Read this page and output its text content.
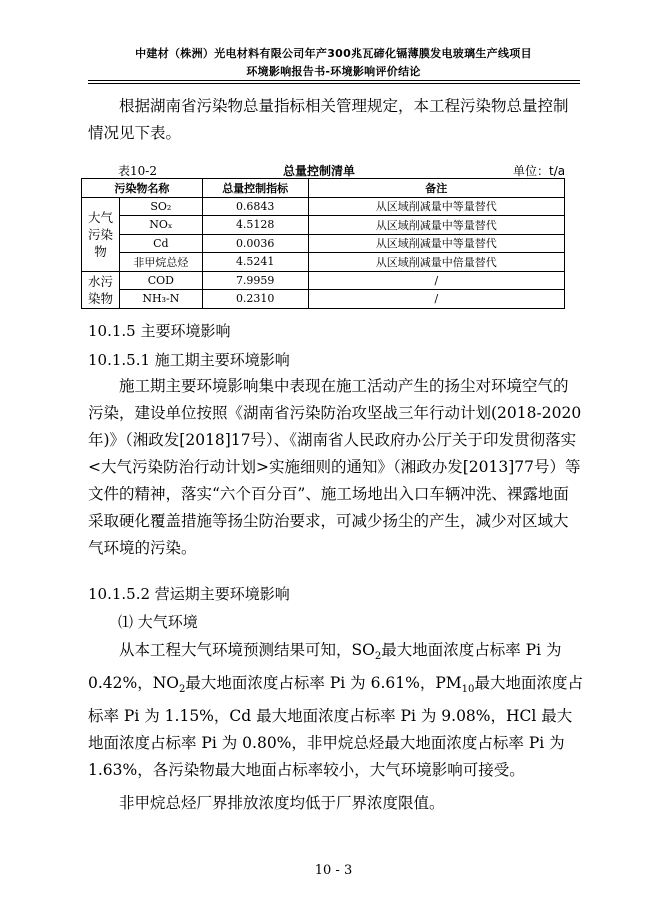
中建材（株洲）光电材料有限公司年产300兆瓦碲化镉薄膜发电玻璃生产线项目
环境影响报告书-环境影响评价结论

根据湖南省污染物总量指标相关管理规定，本工程污染物总量控制情况见下表。

表10-2	总量控制清单	单位：t/a
污染物名称		总量控制指标	备注
大气污染物	SO₂	0.6843	从区域削减量中等量替代
	NOₓ	4.5128	从区域削减量中等量替代
	Cd	0.0036	从区域削减量中等量替代
	非甲烷总烃	4.5241	从区域削减量中倍量替代
水污染物	COD	7.9959	/
	NH₃-N	0.2310	/
10.1.5 主要环境影响
10.1.5.1 施工期主要环境影响

施工期主要环境影响集中表现在施工活动产生的扬尘对环境空气的污染，建设单位按照《湖南省污染防治攻坚战三年行动计划(2018-2020年)》（湘政发[2018]17号）、《湖南省人民政府办公厅关于印发贯彻落实<大气污染防治行动计划>实施细则的通知》（湘政办发[2013]77号）等文件的精神，落实“六个百分百”、施工场地出入口车辆冲洗、裸露地面采取硬化覆盖措施等扬尘防治要求，可减少扬尘的产生，减少对区域大气环境的污染。

10.1.5.2 营运期主要环境影响
⑴ 大气环境

从本工程大气环境预测结果可知，$SO_2$最大地面浓度占标率 Pi 为0.42%，$NO_2$最大地面浓度占标率 Pi 为 6.61%，$PM_{10}$最大地面浓度占标率 Pi 为 1.15%，Cd 最大地面浓度占标率 Pi 为 9.08%，HCl 最大地面浓度占标率 Pi 为 0.80%，非甲烷总烃最大地面浓度占标率 Pi 为 1.63%，各污染物最大地面占标率较小，大气环境影响可接受。

非甲烷总烃厂界排放浓度均低于厂界浓度限值。

10 - 3
